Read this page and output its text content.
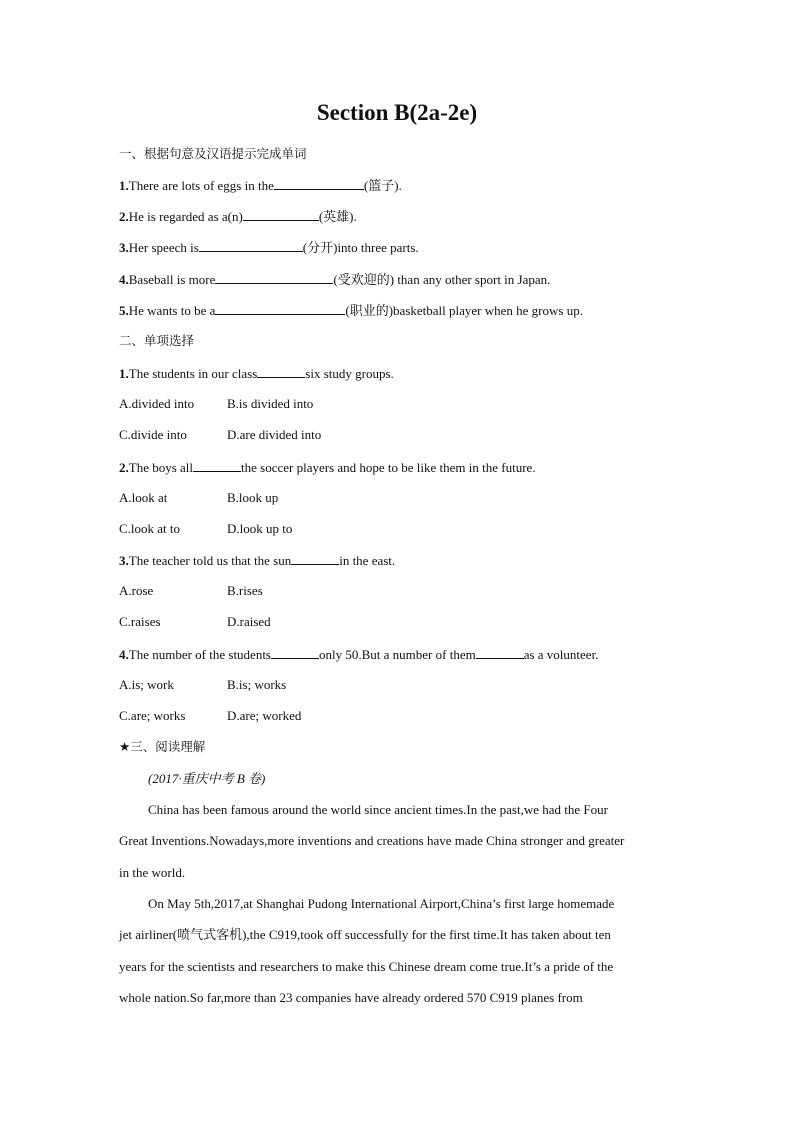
Section B(2a-2e)
一、根据句意及汉语提示完成单词
1.There are lots of eggs in the	(篮子).
2.He is regarded as a(n)	(英雄).
3.Her speech is	(分开)into three parts.
4.Baseball is more	(受欢迎的) than any other sport in Japan.
5.He wants to be a	(职业的)basketball player when he grows up.
二、单项选择
1.The students in our class	six study groups.
A.divided into	B.is divided into
C.divide into	D.are divided into
2.The boys all	the soccer players and hope to be like them in the future.
A.look at	B.look up
C.look at to	D.look up to
3.The teacher told us that the sun	in the east.
A.rose	B.rises
C.raises	D.raised
4.The number of the students	only 50.But a number of them	as a volunteer.
A.is; work	B.is; works
C.are; works	D.are; worked
★三、阅读理解
(2017·重庆中考 B 卷)
China has been famous around the world since ancient times.In the past,we had the Four
Great Inventions.Nowadays,more inventions and creations have made China stronger and greater
in the world.
On May 5th,2017,at Shanghai Pudong International Airport,China’s first large homemade
jet airliner(喷气式客机),the C919,took off successfully for the first time.It has taken about ten
years for the scientists and researchers to make this Chinese dream come true.It’s a pride of the
whole nation.So far,more than 23 companies have already ordered 570 C919 planes from
